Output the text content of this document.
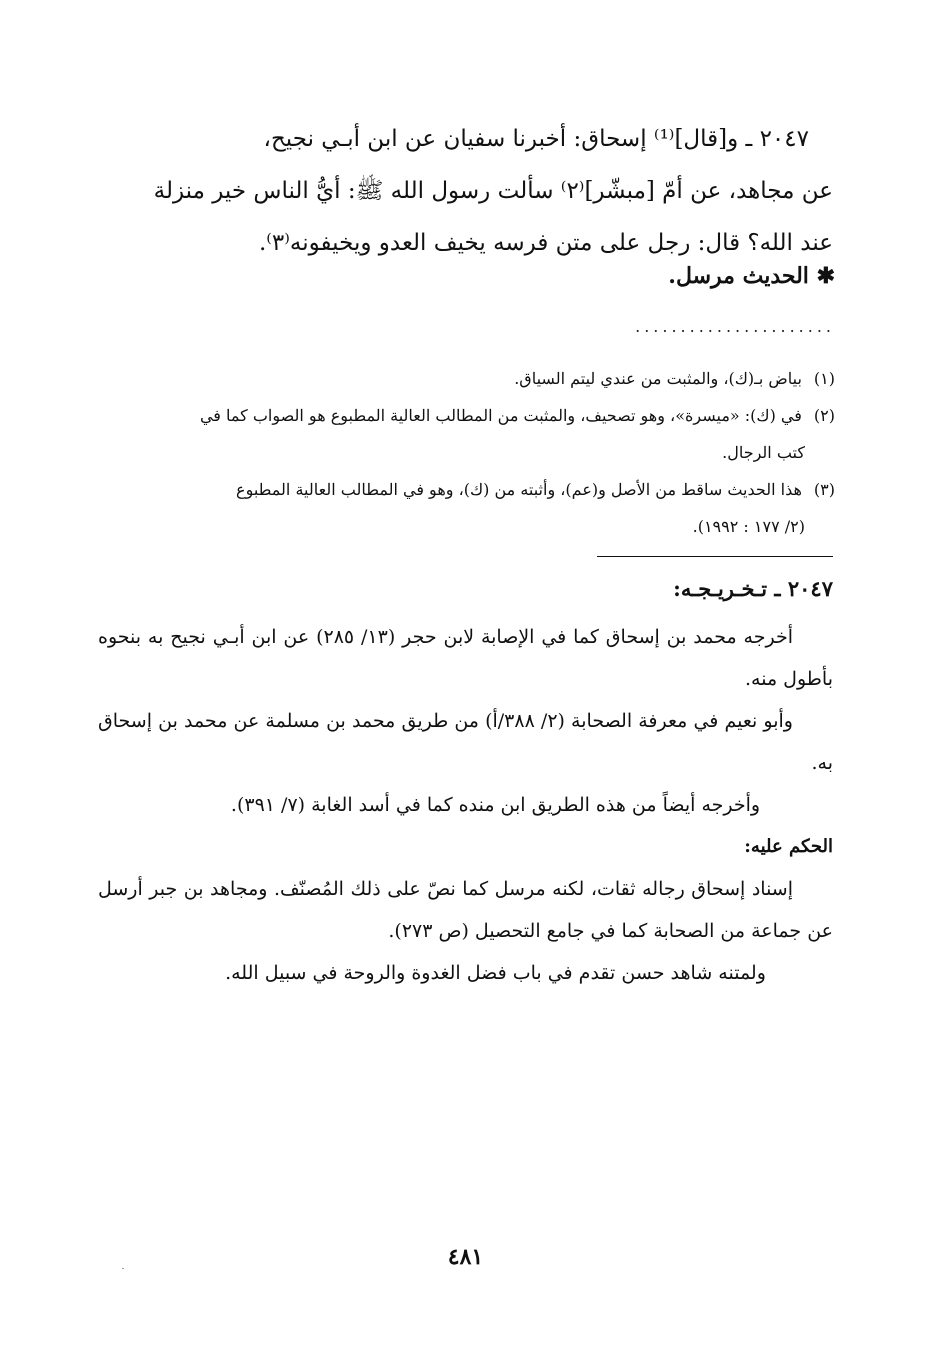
٢٠٤٧ ـ و[قال]⁽¹⁾ إسحاق: أخبرنا سفيان عن ابن أبـي نجيح،
عن مجاهد، عن أمّ [مبشّر]⁽٢⁾ سألت رسول الله ﷺ: أيُّ الناس خير منزلة
عند الله؟ قال: رجل على متن فرسه يخيف العدو ويخيفونه⁽٣⁾.
✱ الحديث مرسل.
......................
(١) بياض بـ(ك)، والمثبت من عندي ليتم السياق.
(٢) في (ك): «ميسرة»، وهو تصحيف، والمثبت من المطالب العالية المطبوع هو الصواب كما في
كتب الرجال.
(٣) هذا الحديث ساقط من الأصل و(عم)، وأثبته من (ك)، وهو في المطالب العالية المطبوع
(٢/ ١٧٧ : ١٩٩٢).
٢٠٤٧ ـ تـخـريـجـه:
أخرجه محمد بن إسحاق كما في الإصابة لابن حجر (١٣/ ٢٨٥) عن ابن أبـي نجيح به بنحوه بأطول منه.
وأبو نعيم في معرفة الصحابة (٢/ ٣٨٨/أ) من طريق محمد بن مسلمة عن محمد بن إسحاق به.
وأخرجه أيضاً من هذه الطريق ابن منده كما في أسد الغابة (٧/ ٣٩١).
الحكم عليه:
إسناد إسحاق رجاله ثقات، لكنه مرسل كما نصّ على ذلك المُصنّف. ومجاهد بن جبر أرسل عن جماعة من الصحابة كما في جامع التحصيل (ص ٢٧٣).
ولمتنه شاهد حسن تقدم في باب فضل الغدوة والروحة في سبيل الله.
٤٨١
